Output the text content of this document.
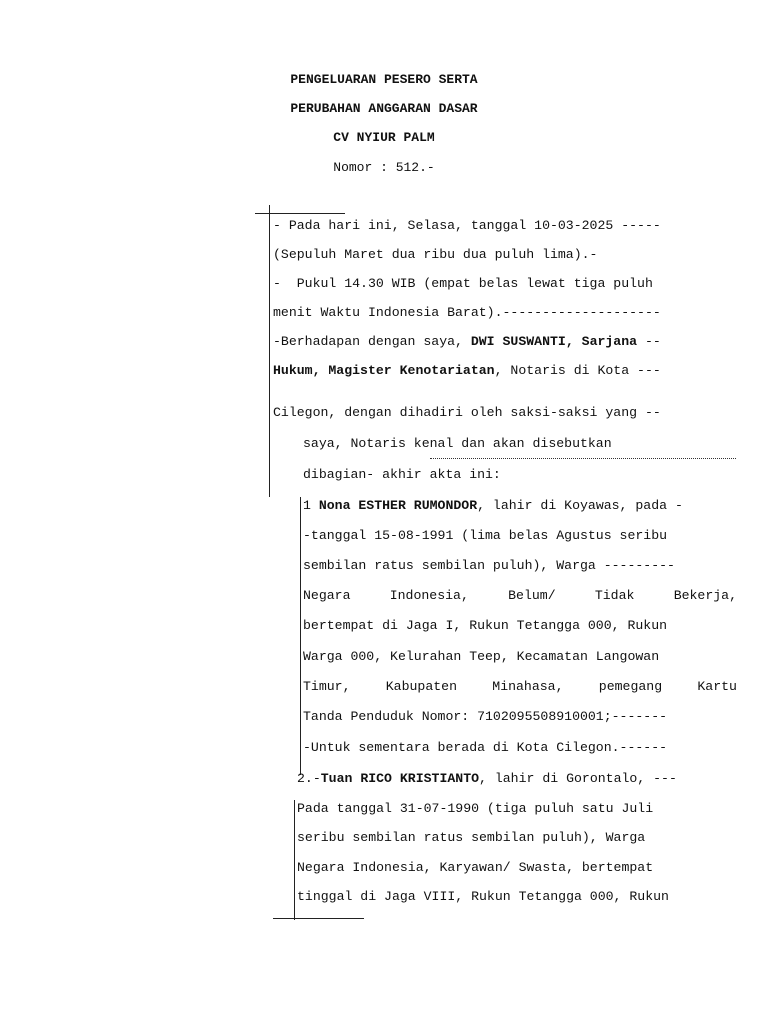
PENGELUARAN PESERO SERTA
PERUBAHAN ANGGARAN DASAR
CV NYIUR PALM
Nomor : 512.-
- Pada hari ini, Selasa, tanggal 10-03-2025 -----
(Sepuluh Maret dua ribu dua puluh lima).-
-  Pukul 14.30 WIB (empat belas lewat tiga puluh
menit Waktu Indonesia Barat).--------------------
-Berhadapan dengan saya, DWI SUSWANTI, Sarjana --
Hukum, Magister Kenotariatan, Notaris di Kota ---
Cilegon, dengan dihadiri oleh saksi-saksi yang --
saya, Notaris kenal dan akan disebutkan
dibagian- akhir akta ini:
1 Nona ESTHER RUMONDOR, lahir di Koyawas, pada -
-tanggal 15-08-1991 (lima belas Agustus seribu
sembilan ratus sembilan puluh), Warga ---------
Negara	Indonesia,	Belum/	Tidak	Bekerja,
bertempat di Jaga I, Rukun Tetangga 000, Rukun
Warga 000, Kelurahan Teep, Kecamatan Langowan
Timur,	Kabupaten	Minahasa,	pemegang	Kartu
Tanda Penduduk Nomor: 7102095508910001;-------
-Untuk sementara berada di Kota Cilegon.------
2.-Tuan RICO KRISTIANTO, lahir di Gorontalo, ---
Pada tanggal 31-07-1990 (tiga puluh satu Juli
seribu sembilan ratus sembilan puluh), Warga
Negara Indonesia, Karyawan/ Swasta, bertempat
tinggal di Jaga VIII, Rukun Tetangga 000, Rukun
